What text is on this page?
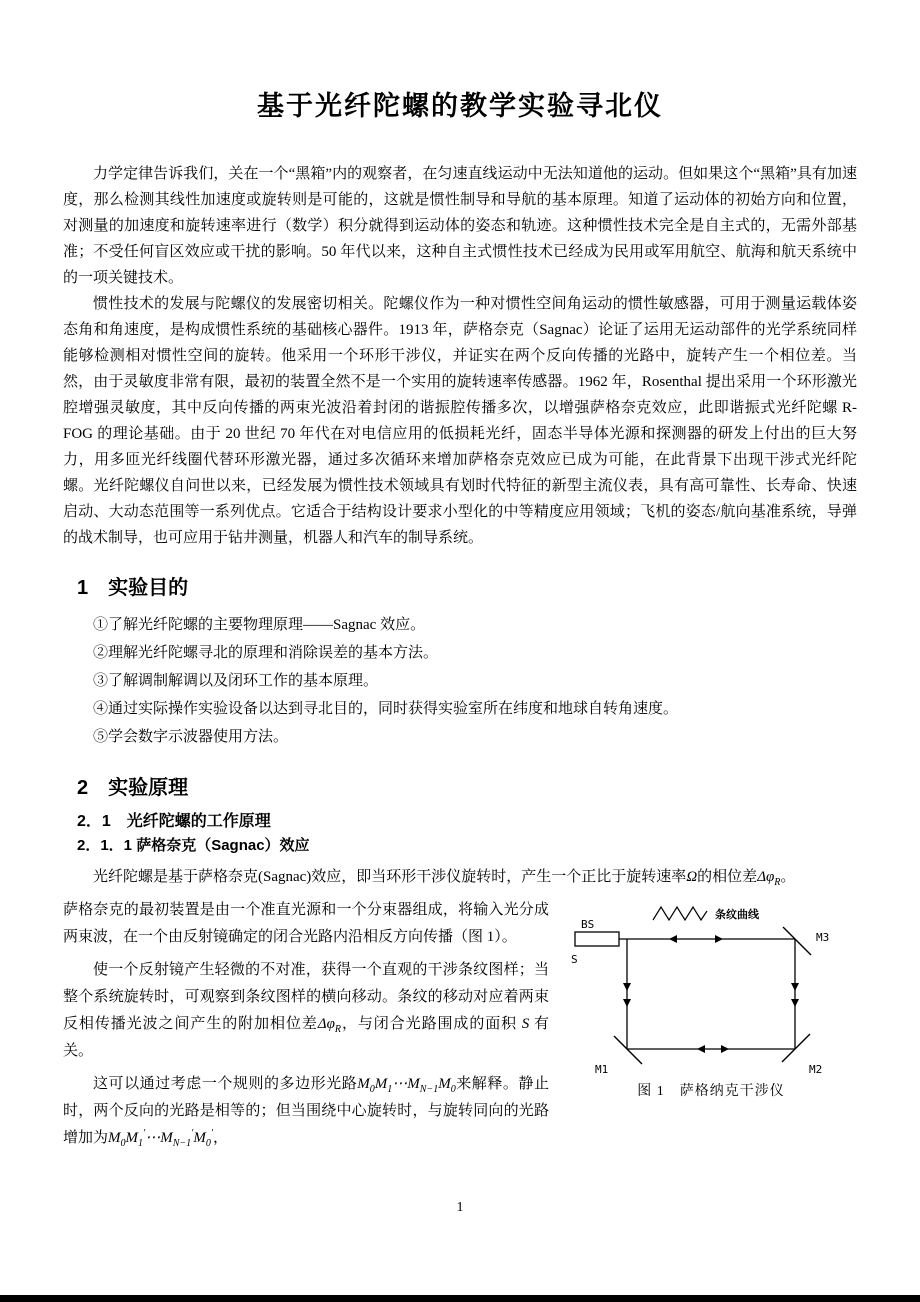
基于光纤陀螺的教学实验寻北仪

力学定律告诉我们，关在一个“黑箱”内的观察者，在匀速直线运动中无法知道他的运动。但如果这个“黑箱”具有加速度，那么检测其线性加速度或旋转则是可能的，这就是惯性制导和导航的基本原理。知道了运动体的初始方向和位置，对测量的加速度和旋转速率进行（数学）积分就得到运动体的姿态和轨迹。这种惯性技术完全是自主式的，无需外部基准；不受任何盲区效应或干扰的影响。50 年代以来，这种自主式惯性技术已经成为民用或军用航空、航海和航天系统中的一项关键技术。

惯性技术的发展与陀螺仪的发展密切相关。陀螺仪作为一种对惯性空间角运动的惯性敏感器，可用于测量运载体姿态角和角速度，是构成惯性系统的基础核心器件。1913 年，萨格奈克（Sagnac）论证了运用无运动部件的光学系统同样能够检测相对惯性空间的旋转。他采用一个环形干涉仪，并证实在两个反向传播的光路中，旋转产生一个相位差。当然，由于灵敏度非常有限，最初的装置全然不是一个实用的旋转速率传感器。1962 年，Rosenthal 提出采用一个环形激光腔增强灵敏度，其中反向传播的两束光波沿着封闭的谐振腔传播多次，以增强萨格奈克效应，此即谐振式光纤陀螺 R-FOG 的理论基础。由于 20 世纪 70 年代在对电信应用的低损耗光纤，固态半导体光源和探测器的研发上付出的巨大努力，用多匝光纤线圈代替环形激光器，通过多次循环来增加萨格奈克效应已成为可能，在此背景下出现干涉式光纤陀螺。光纤陀螺仪自问世以来，已经发展为惯性技术领域具有划时代特征的新型主流仪表，具有高可靠性、长寿命、快速启动、大动态范围等一系列优点。它适合于结构设计要求小型化的中等精度应用领域；飞机的姿态/航向基准系统，导弹的战术制导，也可应用于钻井测量，机器人和汽车的制导系统。

1　实验目的

①了解光纤陀螺的主要物理原理——Sagnac 效应。

②理解光纤陀螺寻北的原理和消除误差的基本方法。

③了解调制解调以及闭环工作的基本原理。

④通过实际操作实验设备以达到寻北目的，同时获得实验室所在纬度和地球自转角速度。

⑤学会数字示波器使用方法。

2　实验原理
2．1　光纤陀螺的工作原理
2．1．1 萨格奈克（Sagnac）效应

光纤陀螺是基于萨格奈克(Sagnac)效应，即当环形干涉仪旋转时，产生一个正比于旋转速率Ω的相位差$\Delta\varphi_R$。

BS
S
M3
M1	M2
条纹曲线
图 1　萨格纳克干涉仪

萨格奈克的最初装置是由一个准直光源和一个分束器组成，将输入光分成两束波，在一个由反射镜确定的闭合光路内沿相反方向传播（图 1）。

使一个反射镜产生轻微的不对准，获得一个直观的干涉条纹图样；当整个系统旋转时，可观察到条纹图样的横向移动。条纹的移动对应着两束反相传播光波之间产生的附加相位差$\Delta\varphi_R$，与闭合光路围成的面积 S 有关。

这可以通过考虑一个规则的多边形光路$M_0M_1\cdots M_{N-1}M_0$来解释。静止时，两个反向的光路是相等的；但当围绕中心旋转时，与旋转同向的光路增加为$M_0M_1'\cdots M_{N-1}'M_0'$，

1
